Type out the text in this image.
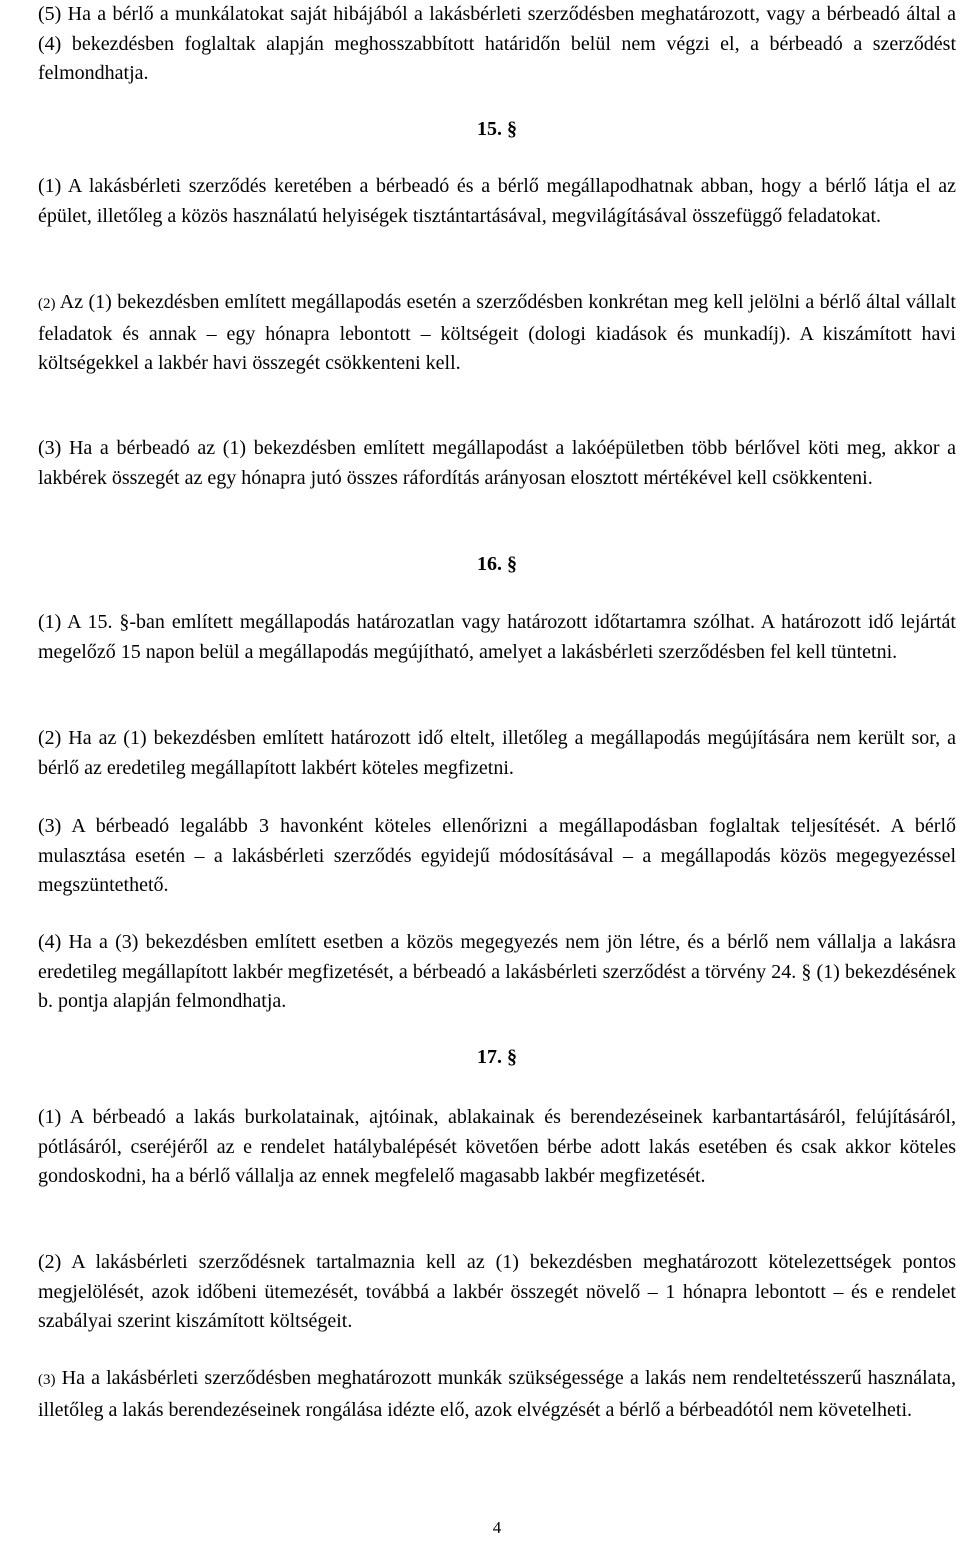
(5) Ha a bérlő a munkálatokat saját hibájából a lakásbérleti szerződésben meghatározott, vagy a bérbeadó által a (4) bekezdésben foglaltak alapján meghosszabbított határidőn belül nem végzi el, a bérbeadó a szerződést felmondhatja.

15. §

(1) A lakásbérleti szerződés keretében a bérbeadó és a bérlő megállapodhatnak abban, hogy a bérlő látja el az épület, illetőleg a közös használatú helyiségek tisztántartásával, megvilágításával összefüggő feladatokat.

(2) Az (1) bekezdésben említett megállapodás esetén a szerződésben konkrétan meg kell jelölni a bérlő által vállalt feladatok és annak – egy hónapra lebontott – költségeit (dologi kiadások és munkadíj). A kiszámított havi költségekkel a lakbér havi összegét csökkenteni kell.

(3) Ha a bérbeadó az (1) bekezdésben említett megállapodást a lakóépületben több bérlővel köti meg, akkor a lakbérek összegét az egy hónapra jutó összes ráfordítás arányosan elosztott mértékével kell csökkenteni.

16. §

(1) A 15. §-ban említett megállapodás határozatlan vagy határozott időtartamra szólhat. A határozott idő lejártát megelőző 15 napon belül a megállapodás megújítható, amelyet a lakásbérleti szerződésben fel kell tüntetni.

(2) Ha az (1) bekezdésben említett határozott idő eltelt, illetőleg a megállapodás megújítására nem került sor, a bérlő az eredetileg megállapított lakbért köteles megfizetni.

(3) A bérbeadó legalább 3 havonként köteles ellenőrizni a megállapodásban foglaltak teljesítését. A bérlő mulasztása esetén – a lakásbérleti szerződés egyidejű módosításával – a megállapodás közös megegyezéssel megszüntethető.

(4) Ha a (3) bekezdésben említett esetben a közös megegyezés nem jön létre, és a bérlő nem vállalja a lakásra eredetileg megállapított lakbér megfizetését, a bérbeadó a lakásbérleti szerződést a törvény 24. § (1) bekezdésének b. pontja alapján felmondhatja.

17. §

(1) A bérbeadó a lakás burkolatainak, ajtóinak, ablakainak és berendezéseinek karbantartásáról, felújításáról, pótlásáról, cseréjéről az e rendelet hatálybalépését követően bérbe adott lakás esetében és csak akkor köteles gondoskodni, ha a bérlő vállalja az ennek megfelelő magasabb lakbér megfizetését.

(2) A lakásbérleti szerződésnek tartalmaznia kell az (1) bekezdésben meghatározott kötelezettségek pontos megjelölését, azok időbeni ütemezését, továbbá a lakbér összegét növelő – 1 hónapra lebontott – és e rendelet szabályai szerint kiszámított költségeit.

(3) Ha a lakásbérleti szerződésben meghatározott munkák szükségessége a lakás nem rendeltetésszerű használata, illetőleg a lakás berendezéseinek rongálása idézte elő, azok elvégzését a bérlő a bérbeadótól nem követelheti.

4
